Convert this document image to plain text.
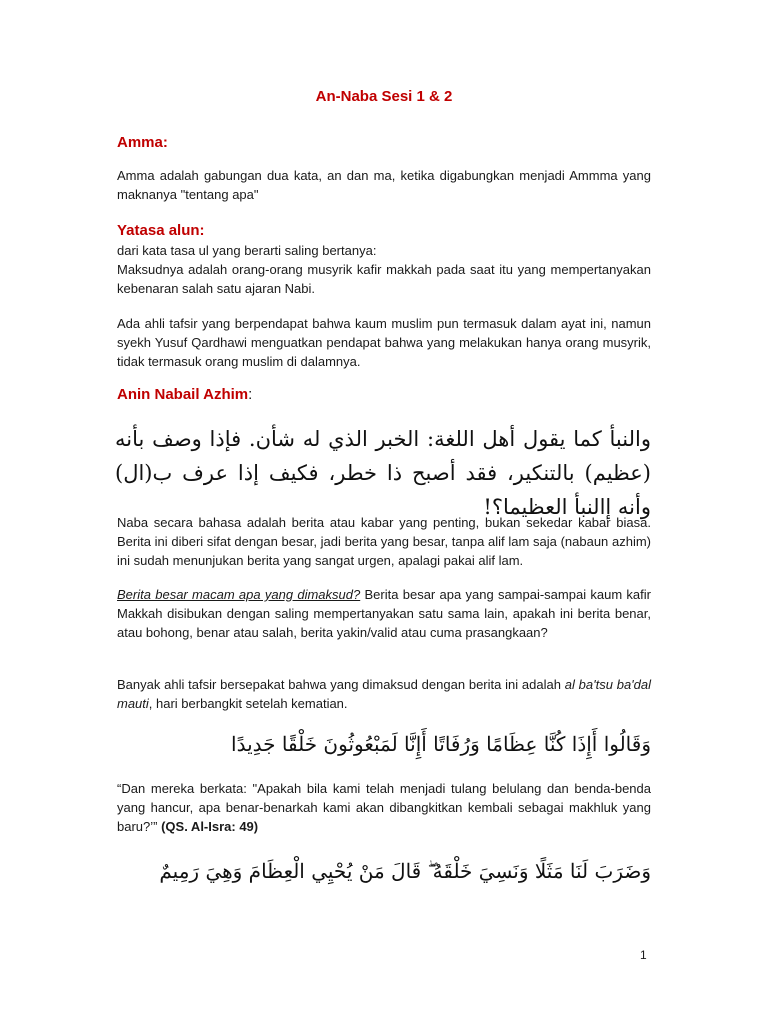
An-Naba Sesi 1 & 2
Amma:
Amma adalah gabungan dua kata, an dan ma, ketika digabungkan menjadi Ammma yang maknanya "tentang apa"
Yatasa alun:

dari kata tasa ul yang berarti saling bertanya:

Maksudnya adalah orang-orang musyrik kafir makkah pada saat itu yang mempertanyakan kebenaran salah satu ajaran Nabi.

Ada ahli tafsir yang berpendapat bahwa kaum muslim pun termasuk dalam ayat ini, namun syekh Yusuf Qardhawi menguatkan pendapat bahwa yang melakukan hanya orang musyrik, tidak termasuk orang muslim di dalamnya.
Anin Nabail Azhim:
والنبأ كما يقول أهل اللغة: الخبر الذي له شأن. فإذا وصف بأنه (عظيم) بالتنكير، فقد أصبح ذا خطر، فكيف إذا عرف ب(ال) وأنه إالنبأ العظيما؟!
Naba secara bahasa adalah berita atau kabar yang penting, bukan sekedar kabar biasa. Berita ini diberi sifat dengan besar, jadi berita yang besar, tanpa alif lam saja (nabaun azhim) ini sudah menunjukan berita yang sangat urgen, apalagi pakai alif lam.
Berita besar macam apa yang dimaksud? Berita besar apa yang sampai-sampai kaum kafir Makkah disibukan dengan saling mempertanyakan satu sama lain, apakah ini berita benar, atau bohong, benar atau salah, berita yakin/valid atau cuma prasangkaan?
Banyak ahli tafsir bersepakat bahwa yang dimaksud dengan berita ini adalah al ba'tsu ba'dal mauti, hari berbangkit setelah kematian.
وَقَالُوا أَإِذَا كُنَّا عِظَامًا وَرُفَاتًا أَإِنَّا لَمَبْعُوثُونَ خَلْقًا جَدِيدًا
“Dan mereka berkata: "Apakah bila kami telah menjadi tulang belulang dan benda-benda yang hancur, apa benar-benarkah kami akan dibangkitkan kembali sebagai makhluk yang baru?’” (QS. Al-Isra: 49)
وَضَرَبَ لَنَا مَثَلًا وَنَسِيَ خَلْقَهُ ۖ قَالَ مَنْ يُحْيِي الْعِظَامَ وَهِيَ رَمِيمٌ
1
